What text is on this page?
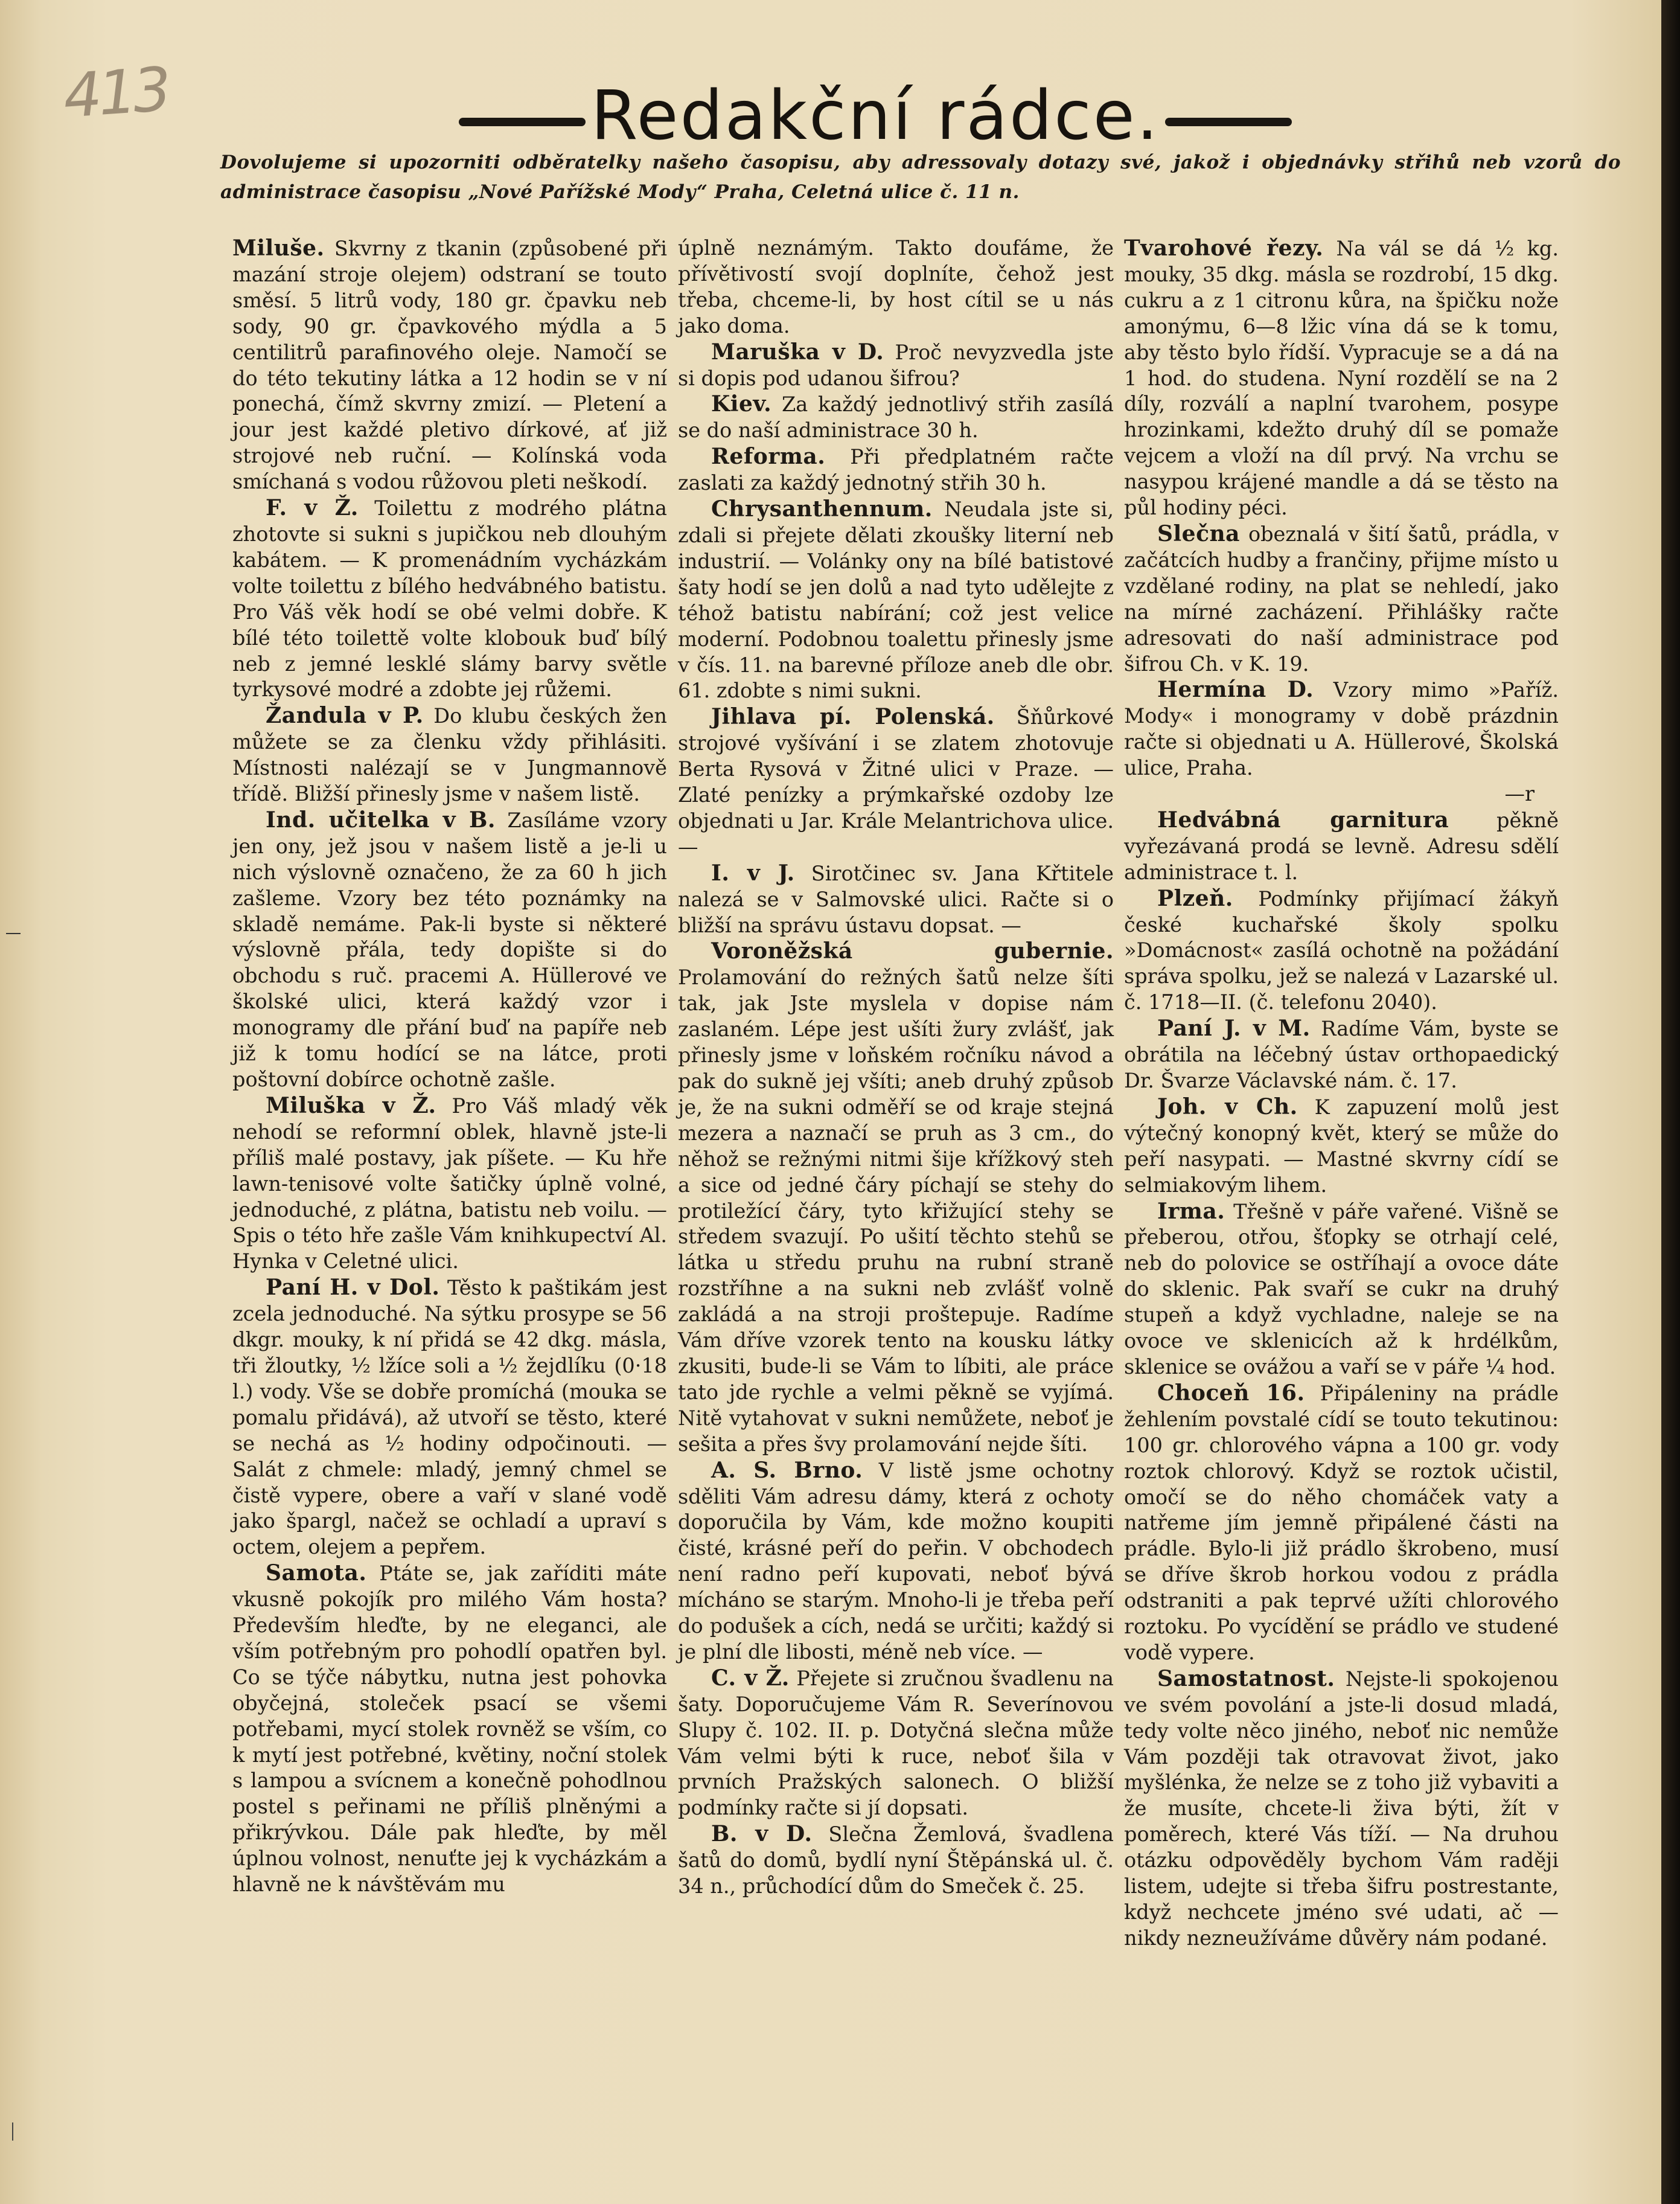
413	Redakční rádce.
Dovolujeme si upozorniti odběratelky našeho časopisu, aby adressovaly dotazy své, jakož i objednávky střihů neb vzorů do administrace časopisu „Nové Pařížské Mody“ Praha, Celetná ulice č. 11 n.

Miluše. Skvrny z tkanin (způsobené při mazání stroje olejem) odstraní se touto směsí. 5 litrů vody, 180 gr. čpavku neb sody, 90 gr. čpavkového mýdla a 5 centilitrů parafinového oleje. Namočí se do této tekutiny látka a 12 hodin se v ní ponechá, čímž skvrny zmizí. — Pletení a jour jest každé pletivo dírkové, ať již strojové neb ruční. — Kolínská voda smíchaná s vodou růžovou pleti neškodí.

F. v Ž. Toilettu z modrého plátna zhotovte si sukni s jupičkou neb dlouhým kabátem. — K promenádním vycházkám volte toilettu z bílého hedvábného batistu. Pro Váš věk hodí se obé velmi dobře. K bílé této toilettě volte klobouk buď bílý neb z jemné lesklé slámy barvy světle tyrkysové modré a zdobte jej růžemi.

Žandula v P. Do klubu českých žen můžete se za členku vždy přihlásiti. Místnosti nalézají se v Jungmannově třídě. Bližší přinesly jsme v našem listě.

Ind. učitelka v B. Zasíláme vzory jen ony, jež jsou v našem listě a je-li u nich výslovně označeno, že za 60 h jich zašleme. Vzory bez této poznámky na skladě nemáme. Pak-li byste si některé výslovně přála, tedy dopište si do obchodu s ruč. pracemi A. Hüllerové ve školské ulici, která každý vzor i monogramy dle přání buď na papíře neb již k tomu hodící se na látce, proti poštovní dobírce ochotně zašle.

Miluška v Ž. Pro Váš mladý věk nehodí se reformní oblek, hlavně jste-li příliš malé postavy, jak píšete. — Ku hře lawn-tenisové volte šatičky úplně volné, jednoduché, z plátna, batistu neb voilu. — Spis o této hře zašle Vám knihkupectví Al. Hynka v Celetné ulici.

Paní H. v Dol. Těsto k paštikám jest zcela jednoduché. Na sýtku prosype se 56 dkgr. mouky, k ní přidá se 42 dkg. másla, tři žloutky, ½ lžíce soli a ½ žejdlíku (0·18 l.) vody. Vše se dobře promíchá (mouka se pomalu přidává), až utvoří se těsto, které se nechá as ½ hodiny odpočinouti. — Salát z chmele: mladý, jemný chmel se čistě vypere, obere a vaří v slané vodě jako špargl, načež se ochladí a upraví s octem, olejem a pepřem.

Samota. Ptáte se, jak zaříditi máte vkusně pokojík pro milého Vám hosta? Především hleďte, by ne eleganci, ale vším potřebným pro pohodlí opatřen byl. Co se týče nábytku, nutna jest pohovka obyčejná, stoleček psací se všemi potřebami, mycí stolek rovněž se vším, co k mytí jest potřebné, květiny, noční stolek s lampou a svícnem a konečně pohodlnou postel s peřinami ne příliš plněnými a přikrývkou. Dále pak hleďte, by měl úplnou volnost, nenuťte jej k vycházkám a hlavně ne k návštěvám mu

úplně neznámým. Takto doufáme, že přívětivostí svojí doplníte, čehož jest třeba, chceme-li, by host cítil se u nás jako doma.

Maruška v D. Proč nevyzvedla jste si dopis pod udanou šifrou?

Kiev. Za každý jednotlivý střih zasílá se do naší administrace 30 h.

Reforma. Při předplatném račte zaslati za každý jednotný střih 30 h.

Chrysanthennum. Neudala jste si, zdali si přejete dělati zkoušky literní neb industrií. — Volánky ony na bílé batistové šaty hodí se jen dolů a nad tyto udělejte z téhož batistu nabírání; což jest velice moderní. Podobnou toalettu přinesly jsme v čís. 11. na barevné příloze aneb dle obr. 61. zdobte s nimi sukni.

Jihlava pí. Polenská. Šňůrkové strojové vyšívání i se zlatem zhotovuje Berta Rysová v Žitné ulici v Praze. — Zlaté penízky a prýmkařské ozdoby lze objednati u Jar. Krále Melantrichova ulice. —

I. v J. Sirotčinec sv. Jana Křtitele nalezá se v Salmovské ulici. Račte si o bližší na správu ústavu dopsat. —

Voroněžská gubernie. Prolamování do režných šatů nelze šíti tak, jak Jste myslela v dopise nám zaslaném. Lépe jest ušíti žury zvlášť, jak přinesly jsme v loňském ročníku návod a pak do sukně jej všíti; aneb druhý způsob je, že na sukni odměří se od kraje stejná mezera a naznačí se pruh as 3 cm., do něhož se režnými nitmi šije křížkový steh a sice od jedné čáry píchají se stehy do protiležící čáry, tyto křižující stehy se středem svazují. Po ušití těchto stehů se látka u středu pruhu na rubní straně rozstříhne a na sukni neb zvlášť volně zakládá a na stroji proštepuje. Radíme Vám dříve vzorek tento na kousku látky zkusiti, bude-li se Vám to líbiti, ale práce tato jde rychle a velmi pěkně se vyjímá. Nitě vytahovat v sukni nemůžete, neboť je sešita a přes švy prolamování nejde šíti.

A. S. Brno. V listě jsme ochotny sděliti Vám adresu dámy, která z ochoty doporučila by Vám, kde možno koupiti čisté, krásné peří do peřin. V obchodech není radno peří kupovati, neboť bývá mícháno se starým. Mnoho-li je třeba peří do podušek a cích, nedá se určiti; každý si je plní dle libosti, méně neb více. —

C. v Ž. Přejete si zručnou švadlenu na šaty. Doporučujeme Vám R. Severínovou Slupy č. 102. II. p. Dotyčná slečna může Vám velmi býti k ruce, neboť šila v prvních Pražských salonech. O bližší podmínky račte si jí dopsati.

B. v D. Slečna Žemlová, švadlena šatů do domů, bydlí nyní Štěpánská ul. č. 34 n., průchodící dům do Smeček č. 25.

Tvarohové řezy. Na vál se dá ½ kg. mouky, 35 dkg. másla se rozdrobí, 15 dkg. cukru a z 1 citronu kůra, na špičku nože amonýmu, 6—8 lžic vína dá se k tomu, aby těsto bylo řídší. Vypracuje se a dá na 1 hod. do studena. Nyní rozdělí se na 2 díly, rozválí a naplní tvarohem, posype hrozinkami, kdežto druhý díl se pomaže vejcem a vloží na díl prvý. Na vrchu se nasypou krájené mandle a dá se těsto na půl hodiny péci.

Slečna obeznalá v šití šatů, prádla, v začátcích hudby a frančiny, přijme místo u vzdělané rodiny, na plat se nehledí, jako na mírné zacházení. Přihlášky račte adresovati do naší administrace pod šifrou Ch. v K. 19.

Hermína D. Vzory mimo »Paříž. Mody« i monogramy v době prázdnin račte si objednati u A. Hüllerové, Školská ulice, Praha.
—r

Hedvábná garnitura pěkně vyřezávaná prodá se levně. Adresu sdělí administrace t. l.

Plzeň. Podmínky přijímací žákyň české kuchařské školy spolku »Domácnost« zasílá ochotně na požádání správa spolku, jež se nalezá v Lazarské ul. č. 1718—II. (č. telefonu 2040).

Paní J. v M. Radíme Vám, byste se obrátila na léčebný ústav orthopaedický Dr. Švarze Václavské nám. č. 17.

Joh. v Ch. K zapuzení molů jest výtečný konopný květ, který se může do peří nasypati. — Mastné skvrny cídí se selmiakovým lihem.

Irma. Třešně v páře vařené. Višně se přeberou, otřou, šťopky se otrhají celé, neb do polovice se ostříhají a ovoce dáte do sklenic. Pak svaří se cukr na druhý stupeň a když vychladne, naleje se na ovoce ve sklenicích až k hrdélkům, sklenice se ovážou a vaří se v páře ¼ hod.

Choceň 16. Připáleniny na prádle žehlením povstalé cídí se touto tekutinou: 100 gr. chlorového vápna a 100 gr. vody roztok chlorový. Když se roztok učistil, omočí se do něho chomáček vaty a natřeme jím jemně připálené části na prádle. Bylo-li již prádlo škrobeno, musí se dříve škrob horkou vodou z prádla odstraniti a pak teprvé užíti chlorového roztoku. Po vycídění se prádlo ve studené vodě vypere.

Samostatnost. Nejste-li spokojenou ve svém povolání a jste-li dosud mladá, tedy volte něco jiného, neboť nic nemůže Vám později tak otravovat život, jako myšlénka, že nelze se z toho již vybaviti a že musíte, chcete-li živa býti, žít v poměrech, které Vás tíží. — Na druhou otázku odpověděly bychom Vám raději listem, udejte si třeba šifru postrestante, když nechcete jméno své udati, ač — nikdy nezneužíváme důvěry nám podané.
